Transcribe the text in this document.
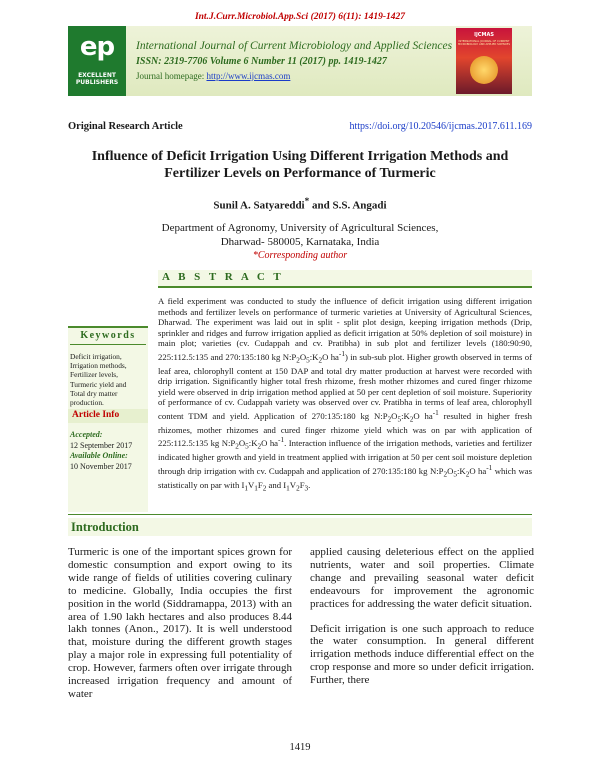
Int.J.Curr.Microbiol.App.Sci (2017) 6(11): 1419-1427
ep
EXCELLENT PUBLISHERS
International Journal of Current Microbiology and Applied Sciences
ISSN: 2319-7706 Volume 6 Number 11 (2017) pp. 1419-1427
Journal homepage: http://www.ijcmas.com
IJCMAS
INTERNATIONAL JOURNAL OF CURRENT MICROBIOLOGY AND APPLIED SCIENCES
Original Research Article	https://doi.org/10.20546/ijcmas.2017.611.169
Influence of Deficit Irrigation Using Different Irrigation Methods and Fertilizer Levels on Performance of Turmeric
Sunil A. Satyareddi* and S.S. Angadi
Department of Agronomy, University of Agricultural Sciences,
Dharwad- 580005, Karnataka, India
*Corresponding author
A B S T R A C T
Keywords
Deficit irrigation,
Irrigation methods,
Fertilizer levels,
Turmeric yield and
Total dry matter
production.
Article Info
Accepted:
12 September 2017
Available Online:
10 November 2017
A field experiment was conducted to study the influence of deficit irrigation using different irrigation methods and fertilizer levels on performance of turmeric varieties at University of Agricultural Sciences, Dharwad. The experiment was laid out in split - split plot design, keeping irrigation methods (Drip, sprinkler and ridges and furrow irrigation applied as deficit irrigation at 50% depletion of soil moisture) in main plot; varieties (cv. Cudappah and cv. Pratibha) in sub plot and fertilizer levels (180:90:90, 225:112.5:135 and 270:135:180 kg $N:P_2O_5:K_2O$ $ha^{-1}$) in sub-sub plot. Higher growth observed in terms of leaf area, chlorophyll content at 150 DAP and total dry matter production at harvest were recorded with drip irrigation. Significantly higher total fresh rhizome, fresh mother rhizomes and cured finger rhizome yield were observed in drip irrigation method applied at 50 per cent depletion of soil moisture. Superiority of performance of cv. Cudappah variety was observed over cv. Pratibha in terms of leaf area, chlorophyll content TDM and yield. Application of 270:135:180 kg $N:P_2O_5:K_2O$ $ha^{-1}$ resulted in higher fresh rhizomes, mother rhizomes and cured finger rhizome yield which was on par with application of 225:112.5:135 kg $N:P_2O_5:K_2O$ $ha^{-1}$. Interaction influence of the irrigation methods, varieties and fertilizer indicated higher growth and yield in treatment applied with irrigation at 50 per cent soil moisture depletion through drip irrigation with cv. Cudappah and application of 270:135:180 kg $N:P_2O_5:K_2O$ $ha^{-1}$ which was statistically on par with $I_1V_1F_2$ and $I_1V_2F_3$.
Introduction

Turmeric is one of the important spices grown for domestic consumption and export owing to its wide range of fields of utilities covering culinary to medicine. Globally, India occupies the first position in the world (Siddramappa, 2013) with an area of 1.90 lakh hectares and also produces 8.44 lakh tonnes (Anon., 2017). It is well understood that, moisture during the different growth stages play a major role in expressing full potentiality of crop. However, farmers often over irrigate through increased irrigation frequency and amount of water

applied causing deleterious effect on the applied nutrients, water and soil properties. Climate change and prevailing seasonal water deficit endeavours for improvement the agronomic practices for addressing the water deficit situation.

Deficit irrigation is one such approach to reduce the water consumption. In general different irrigation methods induce differential effect on the crop response and more so under deficit irrigation. Further, there

1419
